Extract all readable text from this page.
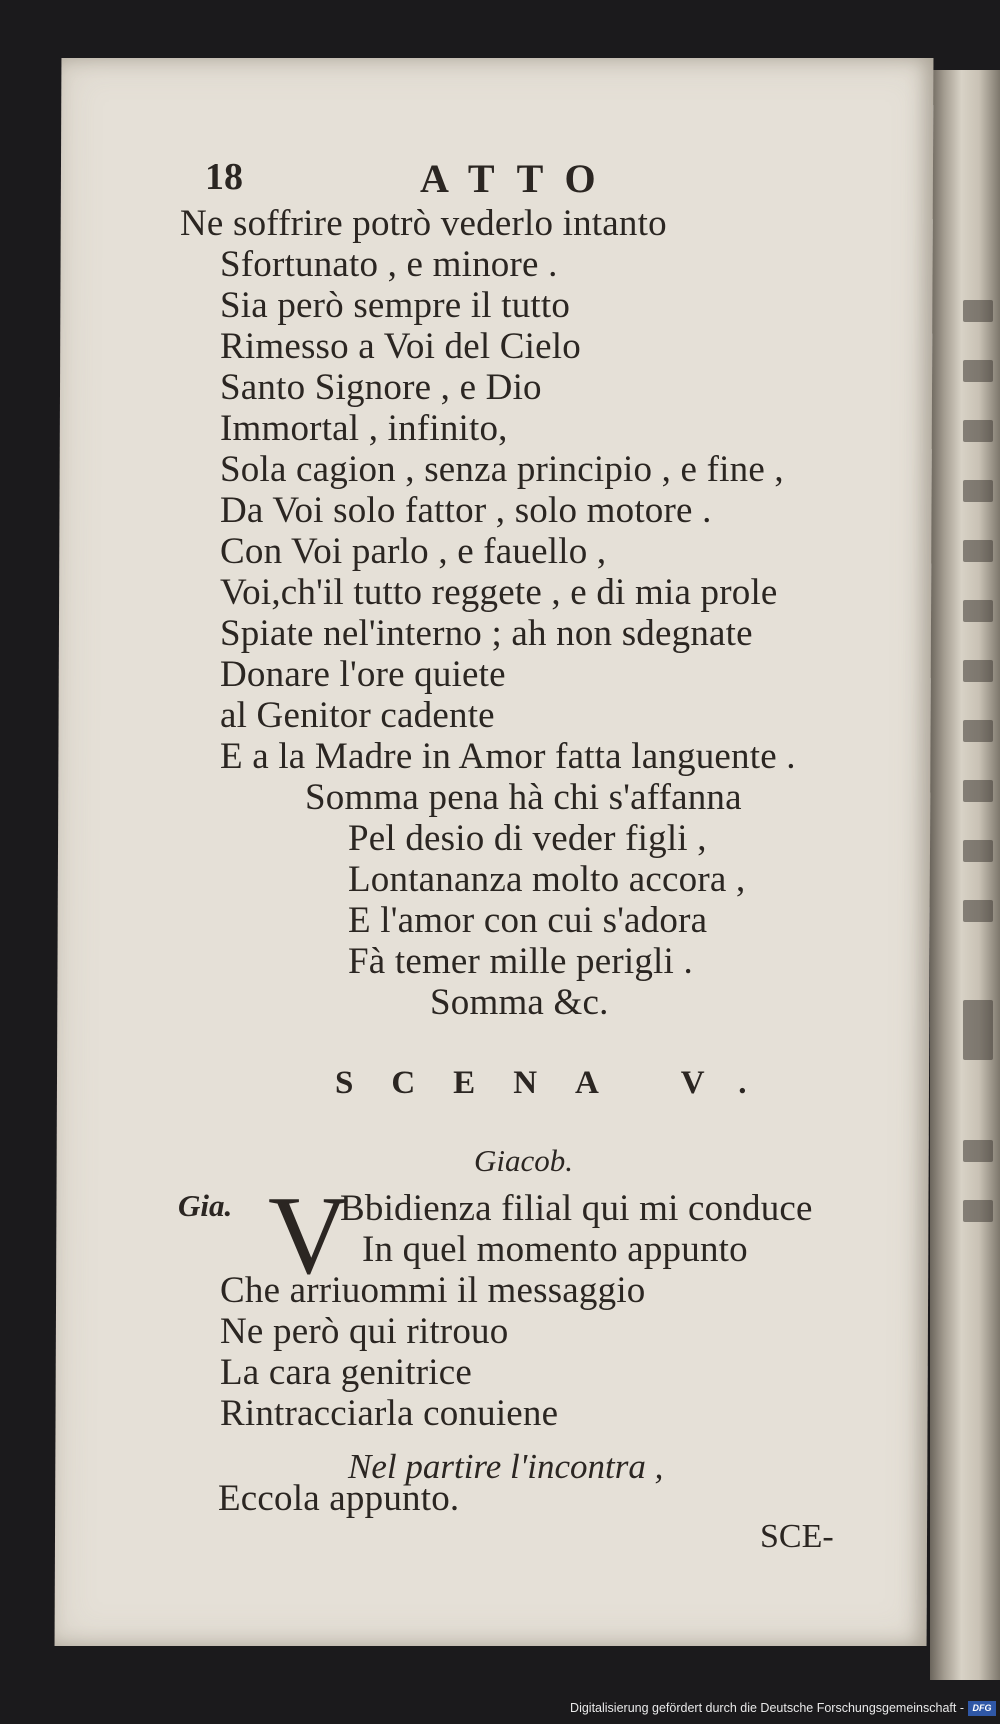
18	ATTO
Ne soffrire potrò vederlo intanto
Sfortunato , e minore .
Sia però sempre il tutto
Rimesso a Voi del Cielo
Santo Signore , e Dio
Immortal , infinito,
Sola cagion , senza principio , e fine ,
Da Voi solo fattor , solo motore .
Con Voi parlo , e fauello ,
Voi,ch'il tutto reggete , e di mia prole
Spiate nel'interno ; ah non sdegnate
Donare l'ore quiete
al Genitor cadente
E a la Madre in Amor fatta languente .
Somma pena hà chi s'affanna
Pel desio di veder figli ,
Lontananza molto accora ,
E l'amor con cui s'adora
Fà temer mille perigli .
Somma &c.
SCENA V.
Giacob.
Gia. V
Bbidienza filial qui mi conduce
In quel momento appunto
Che arriuommi il messaggio
Ne però qui ritrouo
La cara genitrice
Rintracciarla conuiene
Nel partire l'incontra ,
Eccola appunto.
SCE-
Digitalisierung gefördert durch die Deutsche Forschungsgemeinschaft - DFG
